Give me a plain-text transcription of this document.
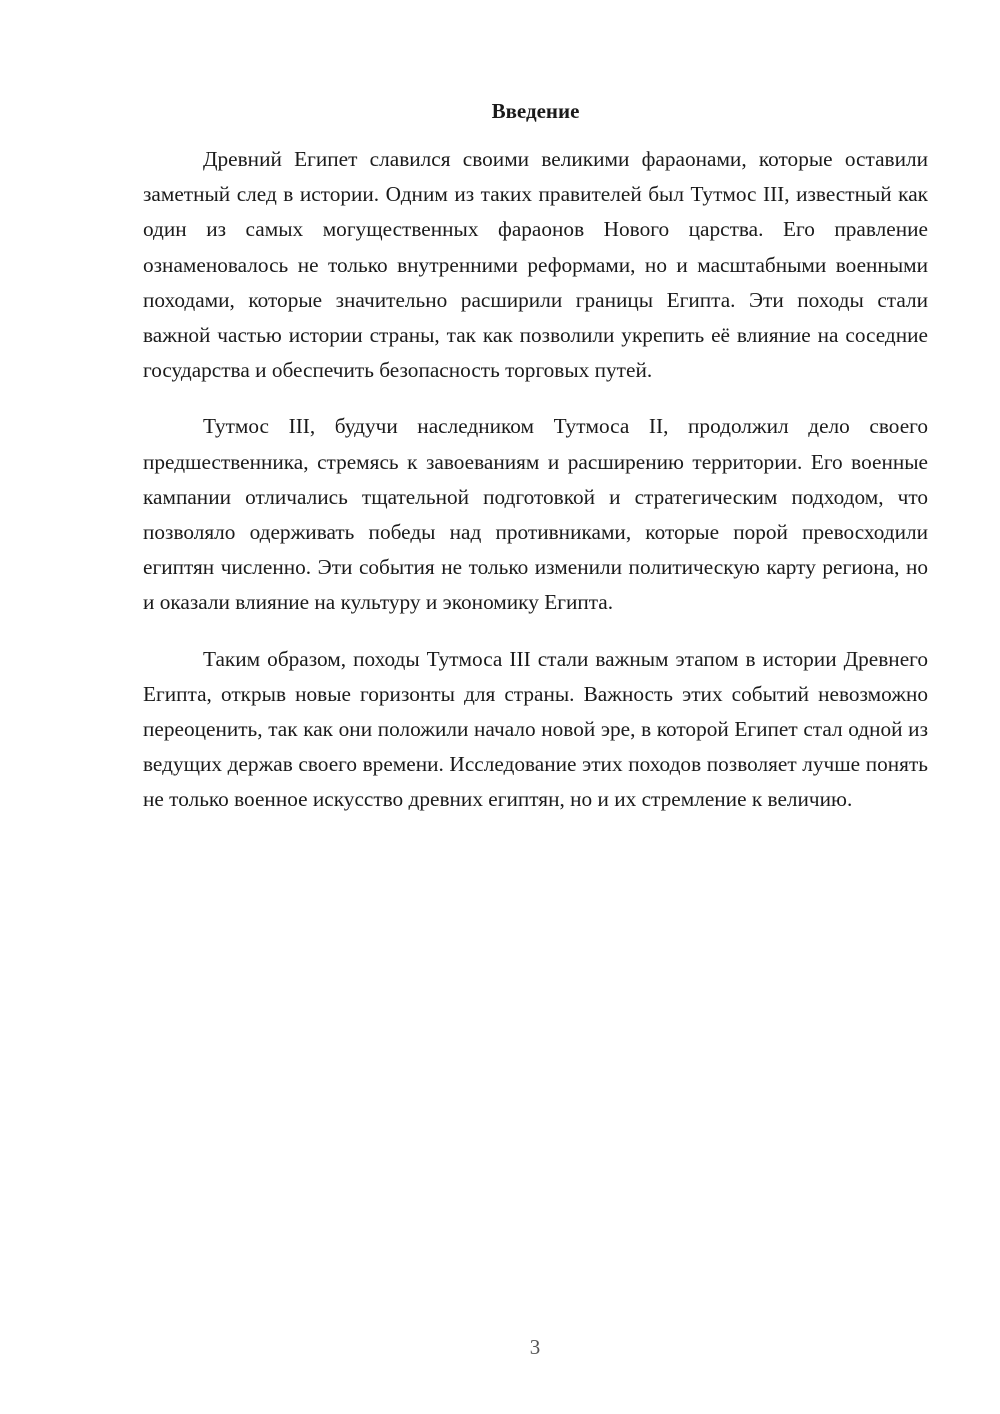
Введение

Древний Египет славился своими великими фараонами, которые оставили заметный след в истории. Одним из таких правителей был Тутмос III, известный как один из самых могущественных фараонов Нового царства. Его правление ознаменовалось не только внутренними реформами, но и масштабными военными походами, которые значительно расширили границы Египта. Эти походы стали важной частью истории страны, так как позволили укрепить её влияние на соседние государства и обеспечить безопасность торговых путей.

Тутмос III, будучи наследником Тутмоса II, продолжил дело своего предшественника, стремясь к завоеваниям и расширению территории. Его военные кампании отличались тщательной подготовкой и стратегическим подходом, что позволяло одерживать победы над противниками, которые порой превосходили египтян численно. Эти события не только изменили политическую карту региона, но и оказали влияние на культуру и экономику Египта.

Таким образом, походы Тутмоса III стали важным этапом в истории Древнего Египта, открыв новые горизонты для страны. Важность этих событий невозможно переоценить, так как они положили начало новой эре, в которой Египет стал одной из ведущих держав своего времени. Исследование этих походов позволяет лучше понять не только военное искусство древних египтян, но и их стремление к величию.

3
